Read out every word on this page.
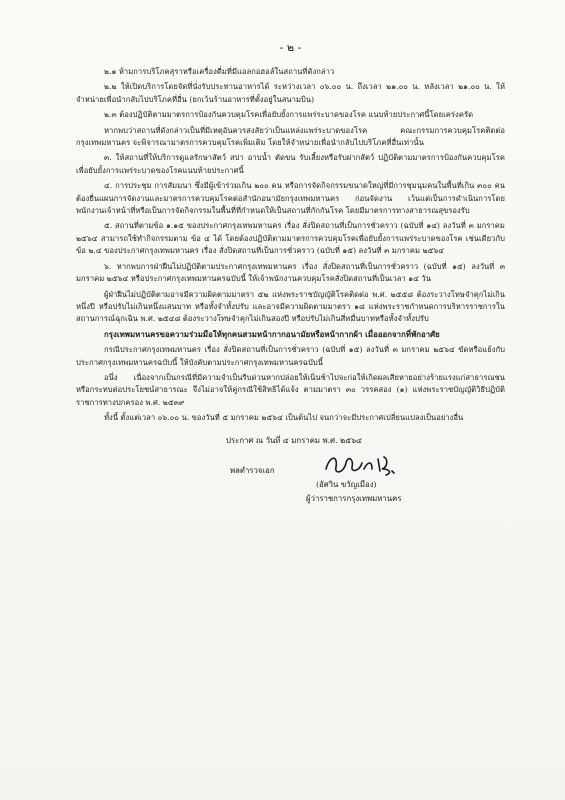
- ๒ -

๒.๑ ห้ามการบริโภคสุราหรือเครื่องดื่มที่มีแอลกอฮอล์ในสถานที่ดังกล่าว

๒.๒ ให้เปิดบริการโดยจัดที่นั่งรับประทานอาหารได้ ระหว่างเวลา ๐๖.๐๐ น. ถึงเวลา ๒๑.๐๐ น. หลังเวลา ๒๑.๐๐ น. ให้จำหน่ายเพื่อนำกลับไปบริโภคที่อื่น (ยกเว้นร้านอาหารที่ตั้งอยู่ในสนามบิน)

๒.๓ ต้องปฏิบัติตามมาตรการป้องกันควบคุมโรคเพื่อยับยั้งการแพร่ระบาดของโรค แนบท้ายประกาศนี้โดยเคร่งครัด

หากพบว่าสถานที่ดังกล่าวเป็นที่มีเหตุอันควรสงสัยว่าเป็นแหล่งแพร่ระบาดของโรค คณะกรรมการควบคุมโรคติดต่อกรุงเทพมหานคร จะพิจารณามาตรการควบคุมโรคเพิ่มเติม โดยให้จำหน่ายเพื่อนำกลับไปบริโภคที่อื่นเท่านั้น

๓. ให้สถานที่ให้บริการดูแลรักษาสัตว์ สปา อาบน้ำ ตัดขน รับเลี้ยงหรือรับฝากสัตว์ ปฏิบัติตามมาตรการป้องกันควบคุมโรคเพื่อยับยั้งการแพร่ระบาดของโรคแนบท้ายประกาศนี้

๔. การประชุม การสัมมนา ซึ่งมีผู้เข้าร่วมเกิน ๒๐๐ คน หรือการจัดกิจกรรมขนาดใหญ่ที่มีการชุมนุมคนในพื้นที่เกิน ๓๐๐ คน ต้องยื่นแผนการจัดงานและมาตรการควบคุมโรคต่อสำนักอนามัยกรุงเทพมหานคร ก่อนจัดงาน เว้นแต่เป็นการดำเนินการโดยพนักงานเจ้าหน้าที่หรือเป็นการจัดกิจกรรมในพื้นที่ที่กำหนดให้เป็นสถานที่กักกันโรค โดยมีมาตรการทางสาธารณสุขรองรับ

๕. สถานที่ตามข้อ ๑.๑๕ ของประกาศกรุงเทพมหานคร เรื่อง สั่งปิดสถานที่เป็นการชั่วคราว (ฉบับที่ ๑๔) ลงวันที่ ๓ มกราคม ๒๕๖๔ สามารถใช้ทำกิจกรรมตาม ข้อ ๔ ได้ โดยต้องปฏิบัติตามมาตรการควบคุมโรคเพื่อยับยั้งการแพร่ระบาดของโรค เช่นเดียวกับข้อ ๒.๔ ของประกาศกรุงเทพมหานคร เรื่อง สั่งปิดสถานที่เป็นการชั่วคราว (ฉบับที่ ๑๕) ลงวันที่ ๓ มกราคม ๒๕๖๔

๖. หากพบการฝ่าฝืนไม่ปฏิบัติตามประกาศกรุงเทพมหานคร เรื่อง สั่งปิดสถานที่เป็นการชั่วคราว (ฉบับที่ ๑๕) ลงวันที่ ๓ มกราคม ๒๕๖๔ หรือประกาศกรุงเทพมหานครฉบับนี้ ให้เจ้าพนักงานควบคุมโรคสั่งปิดสถานที่เป็นเวลา ๑๔ วัน

ผู้ฝ่าฝืนไม่ปฏิบัติตามอาจมีความผิดตามมาตรา ๕๒ แห่งพระราชบัญญัติโรคติดต่อ พ.ศ. ๒๕๕๘ ต้องระวางโทษจำคุกไม่เกินหนึ่งปี หรือปรับไม่เกินหนึ่งแสนบาท หรือทั้งจำทั้งปรับ และอาจมีความผิดตามมาตรา ๑๘ แห่งพระราชกำหนดการบริหารราชการในสถานการณ์ฉุกเฉิน พ.ศ. ๒๕๔๘ ต้องระวางโทษจำคุกไม่เกินสองปี หรือปรับไม่เกินสี่หมื่นบาทหรือทั้งจำทั้งปรับ

กรุงเทพมหานครขอความร่วมมือให้ทุกคนสวมหน้ากากอนามัยหรือหน้ากากผ้า เมื่อออกจากที่พักอาศัย

กรณีประกาศกรุงเทพมหานคร เรื่อง สั่งปิดสถานที่เป็นการชั่วคราว (ฉบับที่ ๑๕) ลงวันที่ ๓ มกราคม ๒๕๖๔ ขัดหรือแย้งกับประกาศกรุงเทพมหานครฉบับนี้ ให้บังคับตามประกาศกรุงเทพมหานครฉบับนี้

อนึ่ง เนื่องจากเป็นกรณีที่มีความจำเป็นรีบด่วนหากปล่อยให้เนิ่นช้าไปจะก่อให้เกิดผลเสียหายอย่างร้ายแรงแก่สาธารณชนหรือกระทบต่อประโยชน์สาธารณะ จึงไม่อาจให้คู่กรณีใช้สิทธิได้แจ้ง ตามมาตรา ๓๐ วรรคสอง (๑) แห่งพระราชบัญญัติวิธีปฏิบัติราชการทางปกครอง พ.ศ. ๒๕๓๙

ทั้งนี้ ตั้งแต่เวลา ๐๖.๐๐ น. ของวันที่ ๕ มกราคม ๒๕๖๔ เป็นต้นไป จนกว่าจะมีประกาศเปลี่ยนแปลงเป็นอย่างอื่น

ประกาศ ณ วันที่ ๔ มกราคม พ.ศ. ๒๕๖๔
พลตำรวจเอก
(อัศวิน ขวัญเมือง)
ผู้ว่าราชการกรุงเทพมหานคร
